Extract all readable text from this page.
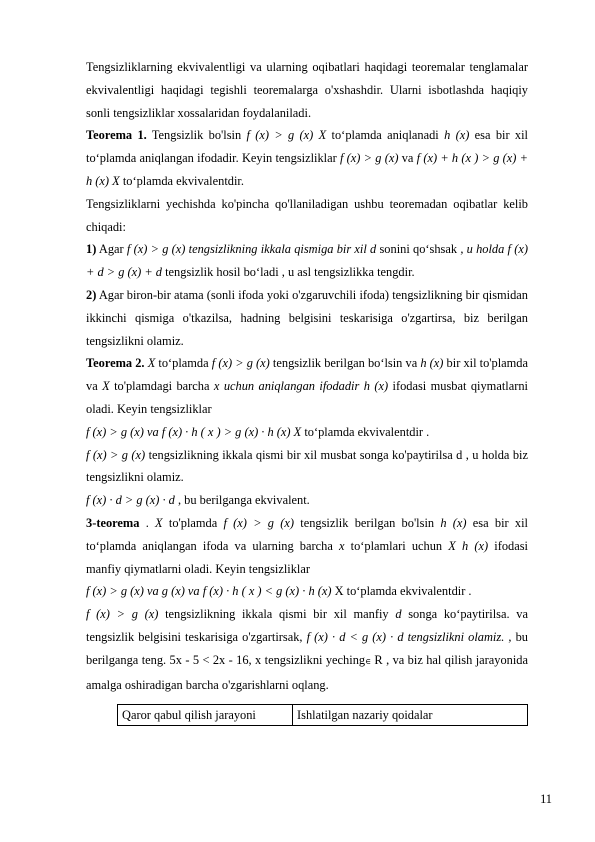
Tengsizliklarning ekvivalentligi va ularning oqibatlari haqidagi teoremalar tenglamalar ekvivalentligi haqidagi tegishli teoremalarga o'xshashdir. Ularni isbotlashda haqiqiy sonli tengsizliklar xossalaridan foydalaniladi.

Teorema 1. Tengsizlik bo'lsin f (x) > g (x) X to‘plamda aniqlanadi h (x) esa bir xil to‘plamda aniqlangan ifodadir. Keyin tengsizliklar f (x) > g (x) va f (x) + h (x ) > g (x) + h (x) X to‘plamda ekvivalentdir.

Tengsizliklarni yechishda ko'pincha qo'llaniladigan ushbu teoremadan oqibatlar kelib chiqadi:

1) Agar f (x) > g (x) tengsizlikning ikkala qismiga bir xil d sonini qo‘shsak , u holda f (x) + d > g (x) + d tengsizlik hosil bo‘ladi , u asl tengsizlikka tengdir.

2) Agar biron-bir atama (sonli ifoda yoki o'zgaruvchili ifoda) tengsizlikning bir qismidan ikkinchi qismiga o'tkazilsa, hadning belgisini teskarisiga o'zgartirsa, biz berilgan tengsizlikni olamiz.

Teorema 2. X to‘plamda f (x) > g (x) tengsizlik berilgan bo‘lsin va h (x) bir xil to'plamda va X to'plamdagi barcha x uchun aniqlangan ifodadir h (x) ifodasi musbat qiymatlarni oladi. Keyin tengsizliklar

f (x) > g (x) va f (x) · h ( x ) > g (x) · h (x) X to‘plamda ekvivalentdir .

f (x) > g (x) tengsizlikning ikkala qismi bir xil musbat songa ko'paytirilsa d , u holda biz tengsizlikni olamiz.

f (x) · d > g (x) · d , bu berilganga ekvivalent.

3-teorema . X to'plamda f (x) > g (x) tengsizlik berilgan bo'lsin h (x) esa bir xil to‘plamda aniqlangan ifoda va ularning barcha x to‘plamlari uchun X h (x) ifodasi manfiy qiymatlarni oladi. Keyin tengsizliklar

f (x) > g (x) va g (x) va f (x) · h ( x ) < g (x) · h (x) X to‘plamda ekvivalentdir .

f (x) > g (x) tengsizlikning ikkala qismi bir xil manfiy d songa ko‘paytirilsa. va tengsizlik belgisini teskarisiga o'zgartirsak, f (x) · d < g (x) · d tengsizlikni olamiz. , bu berilganga teng. 5x - 5 < 2x - 16, x tengsizlikni yeching∈ R , va biz hal qilish jarayonida amalga oshiradigan barcha o'zgarishlarni oqlang.

Qaror qabul qilish jarayoni	Ishlatilgan nazariy qoidalar
11
